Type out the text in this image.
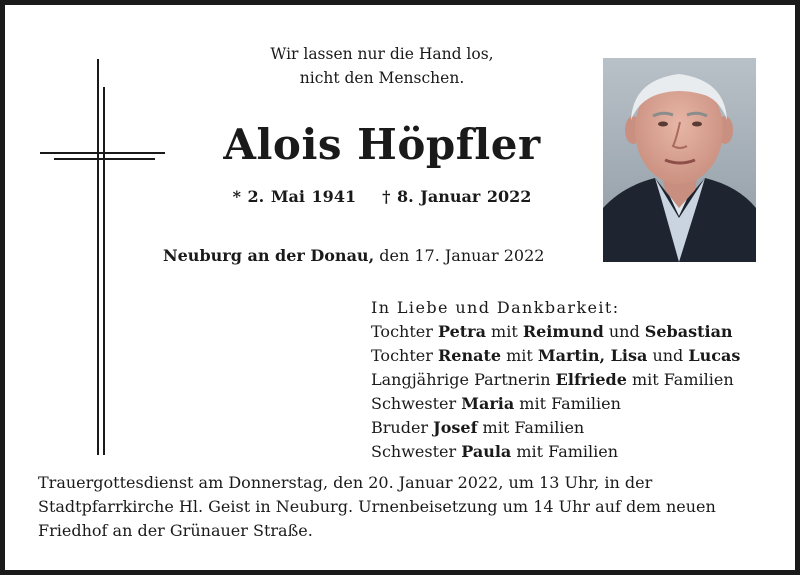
Wir lassen nur die Hand los,
nicht den Menschen.
Alois Höpfler
* 2. Mai 1941 † 8. Januar 2022
Neuburg an der Donau, den 17. Januar 2022
In Liebe und Dankbarkeit:
Tochter Petra mit Reimund und Sebastian
Tochter Renate mit Martin, Lisa und Lucas
Langjährige Partnerin Elfriede mit Familien
Schwester Maria mit Familien
Bruder Josef mit Familien
Schwester Paula mit Familien
Trauergottesdienst am Donnerstag, den 20. Januar 2022, um 13 Uhr, in der
Stadtpfarrkirche Hl. Geist in Neuburg. Urnenbeisetzung um 14 Uhr auf dem neuen
Friedhof an der Grünauer Straße.
